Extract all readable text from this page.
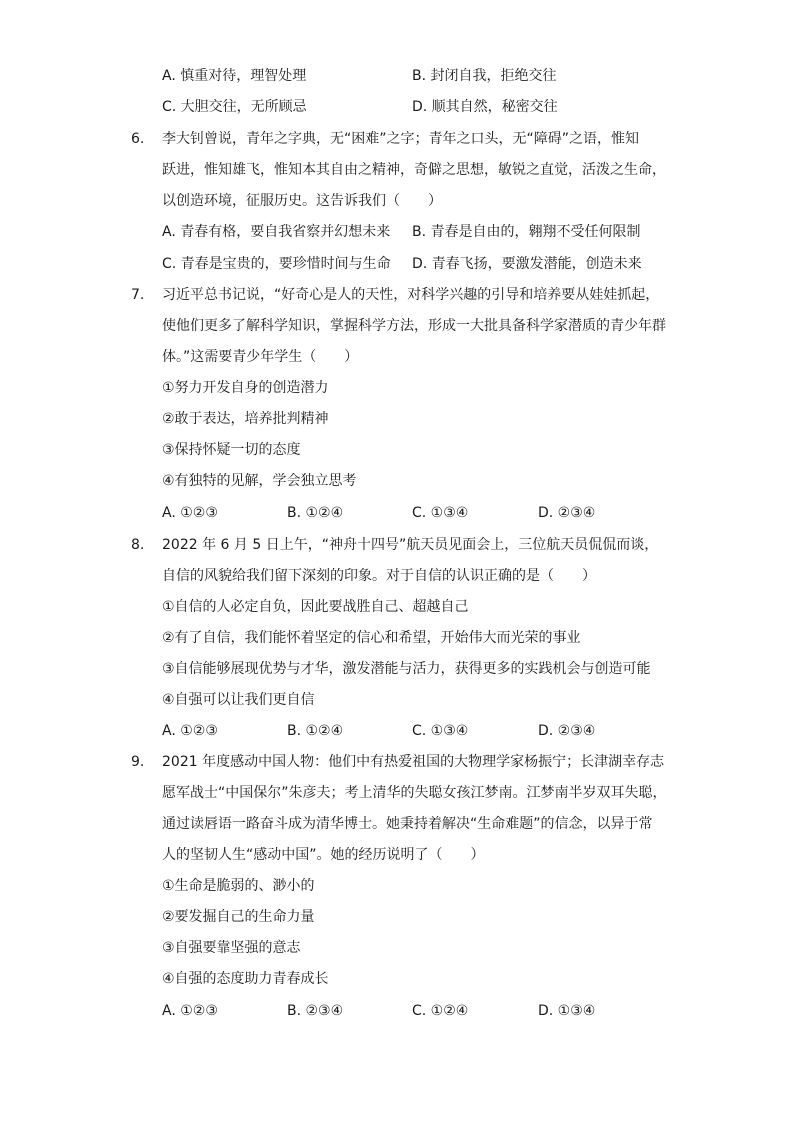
A. 慎重对待，理智处理	B. 封闭自我，拒绝交往
C. 大胆交往，无所顾忌	D. 顺其自然，秘密交往
6. 李大钊曾说，青年之字典，无“困难”之字；青年之口头，无“障碍”之语，惟知
跃进，惟知雄飞，惟知本其自由之精神，奇僻之思想，敏锐之直觉，活泼之生命，
以创造环境，征服历史。这告诉我们（　　）
A. 青春有格，要自我省察并幻想未来 B. 青春是自由的，翱翔不受任何限制
C. 青春是宝贵的，要珍惜时间与生命 D. 青春飞扬，要激发潜能，创造未来
7. 习近平总书记说，“好奇心是人的天性，对科学兴趣的引导和培养要从娃娃抓起，
使他们更多了解科学知识，掌握科学方法，形成一大批具备科学家潜质的青少年群
体。”这需要青少年学生（　　）
①努力开发自身的创造潜力
②敢于表达，培养批判精神
③保持怀疑一切的态度
④有独特的见解，学会独立思考
A. ①②③	B. ①②④	C. ①③④	D. ②③④
8. 2022 年 6 月 5 日上午，“神舟十四号”航天员见面会上，三位航天员侃侃而谈，
自信的风貌给我们留下深刻的印象。对于自信的认识正确的是（　　）
①自信的人必定自负，因此要战胜自己、超越自己
②有了自信，我们能怀着坚定的信心和希望，开始伟大而光荣的事业
③自信能够展现优势与才华，激发潜能与活力，获得更多的实践机会与创造可能
④自强可以让我们更自信
A. ①②③	B. ①②④	C. ①③④	D. ②③④
9. 2021 年度感动中国人物：他们中有热爱祖国的大物理学家杨振宁；长津湖幸存志
愿军战士“中国保尔”朱彦夫；考上清华的失聪女孩江梦南。江梦南半岁双耳失聪，
通过读唇语一路奋斗成为清华博士。她秉持着解决“生命难题”的信念，以异于常
人的坚韧人生“感动中国”。她的经历说明了（　　）
①生命是脆弱的、渺小的
②要发掘自己的生命力量
③自强要靠坚强的意志
④自强的态度助力青春成长
A. ①②③	B. ②③④	C. ①②④	D. ①③④
